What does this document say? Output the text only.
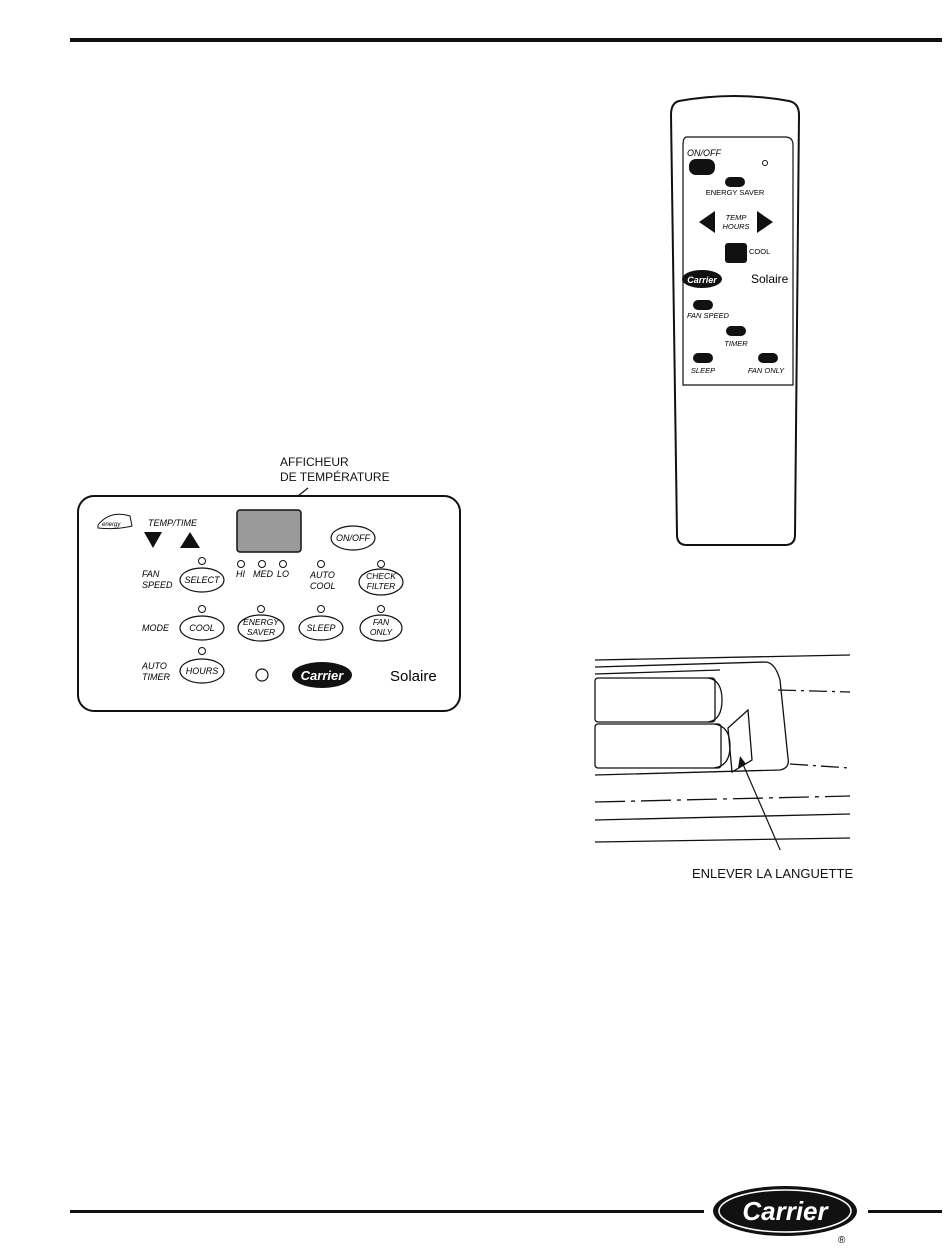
AFFICHEUR
DE TEMPÉRATURE
energy	TEMP/TIME
ON/OFF
FAN
SPEED SELECT
HI MED LO AUTO
COOL
CHECK
FILTER
MODE COOL
ENERGY
SAVER	SLEEP
FAN
ONLY
AUTO
TIMER
HOURS	Carrier	Solaire
ON/OFF
ENERGY SAVER
TEMP
HOURS
COOL
Carrier	Solaire
FAN SPEED
TIMER
SLEEP	FAN ONLY
ENLEVER LA LANGUETTE
Carrier
®
